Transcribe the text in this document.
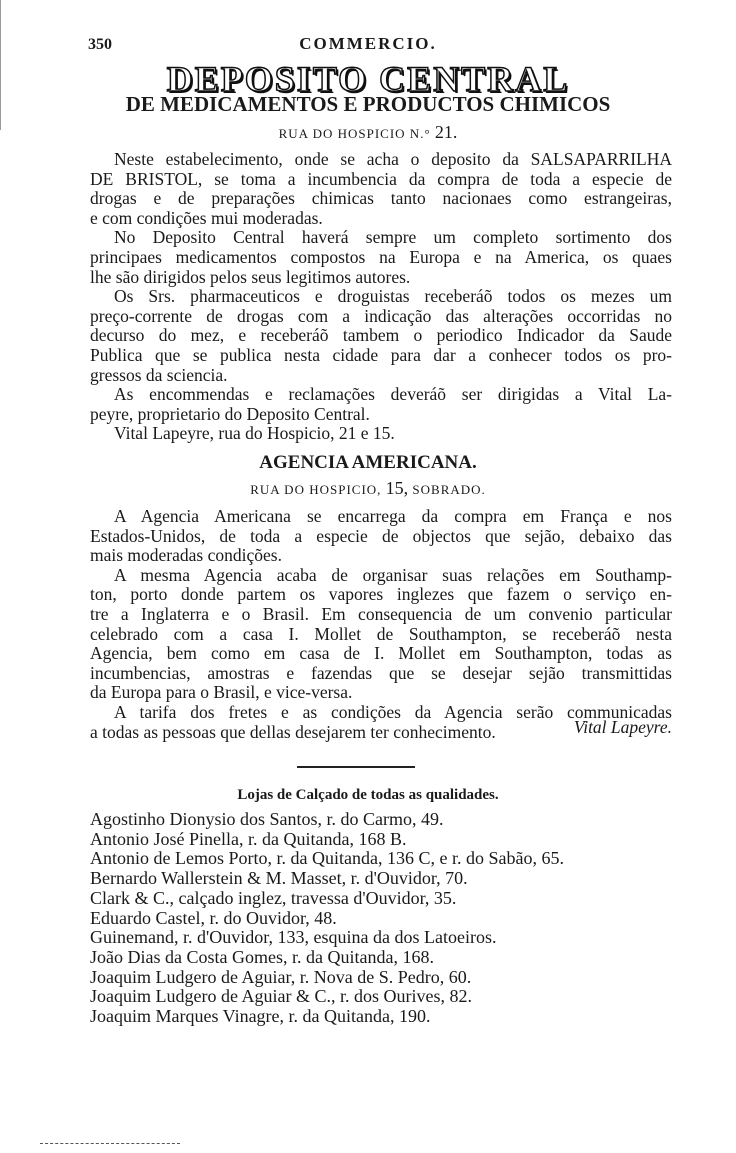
350	COMMERCIO.
DEPOSITO CENTRAL
DE MEDICAMENTOS E PRODUCTOS CHIMICOS
RUA DO HOSPICIO N.° 21.
Neste estabelecimento, onde se acha o deposito da SALSAPARRILHA
DE BRISTOL, se toma a incumbencia da compra de toda a especie de
drogas e de preparações chimicas tanto nacionaes como estrangeiras,
e com condições mui moderadas.
No Deposito Central haverá sempre um completo sortimento dos
principaes medicamentos compostos na Europa e na America, os quaes
lhe são dirigidos pelos seus legitimos autores.
Os Srs. pharmaceuticos e droguistas receberáõ todos os mezes um
preço-corrente de drogas com a indicação das alterações occorridas no
decurso do mez, e receberáõ tambem o periodico Indicador da Saude
Publica que se publica nesta cidade para dar a conhecer todos os pro-
gressos da sciencia.
As encommendas e reclamações deveráõ ser dirigidas a Vital La-
peyre, proprietario do Deposito Central.
Vital Lapeyre, rua do Hospicio, 21 e 15.
AGENCIA AMERICANA.
RUA DO HOSPICIO, 15, SOBRADO.
A Agencia Americana se encarrega da compra em França e nos
Estados-Unidos, de toda a especie de objectos que sejão, debaixo das
mais moderadas condições.
A mesma Agencia acaba de organisar suas relações em Southamp-
ton, porto donde partem os vapores inglezes que fazem o serviço en-
tre a Inglaterra e o Brasil. Em consequencia de um convenio particular
celebrado com a casa I. Mollet de Southampton, se receberáõ nesta
Agencia, bem como em casa de I. Mollet em Southampton, todas as
incumbencias, amostras e fazendas que se desejar sejão transmittidas
da Europa para o Brasil, e vice-versa.
A tarifa dos fretes e as condições da Agencia serão communicadas
a todas as pessoas que dellas desejarem ter conhecimento.	Vital Lapeyre.
Lojas de Calçado de todas as qualidades.
Agostinho Dionysio dos Santos, r. do Carmo, 49.
Antonio José Pinella, r. da Quitanda, 168 B.
Antonio de Lemos Porto, r. da Quitanda, 136 C, e r. do Sabão, 65.
Bernardo Wallerstein & M. Masset, r. d'Ouvidor, 70.
Clark & C., calçado inglez, travessa d'Ouvidor, 35.
Eduardo Castel, r. do Ouvidor, 48.
Guinemand, r. d'Ouvidor, 133, esquina da dos Latoeiros.
João Dias da Costa Gomes, r. da Quitanda, 168.
Joaquim Ludgero de Aguiar, r. Nova de S. Pedro, 60.
Joaquim Ludgero de Aguiar & C., r. dos Ourives, 82.
Joaquim Marques Vinagre, r. da Quitanda, 190.
